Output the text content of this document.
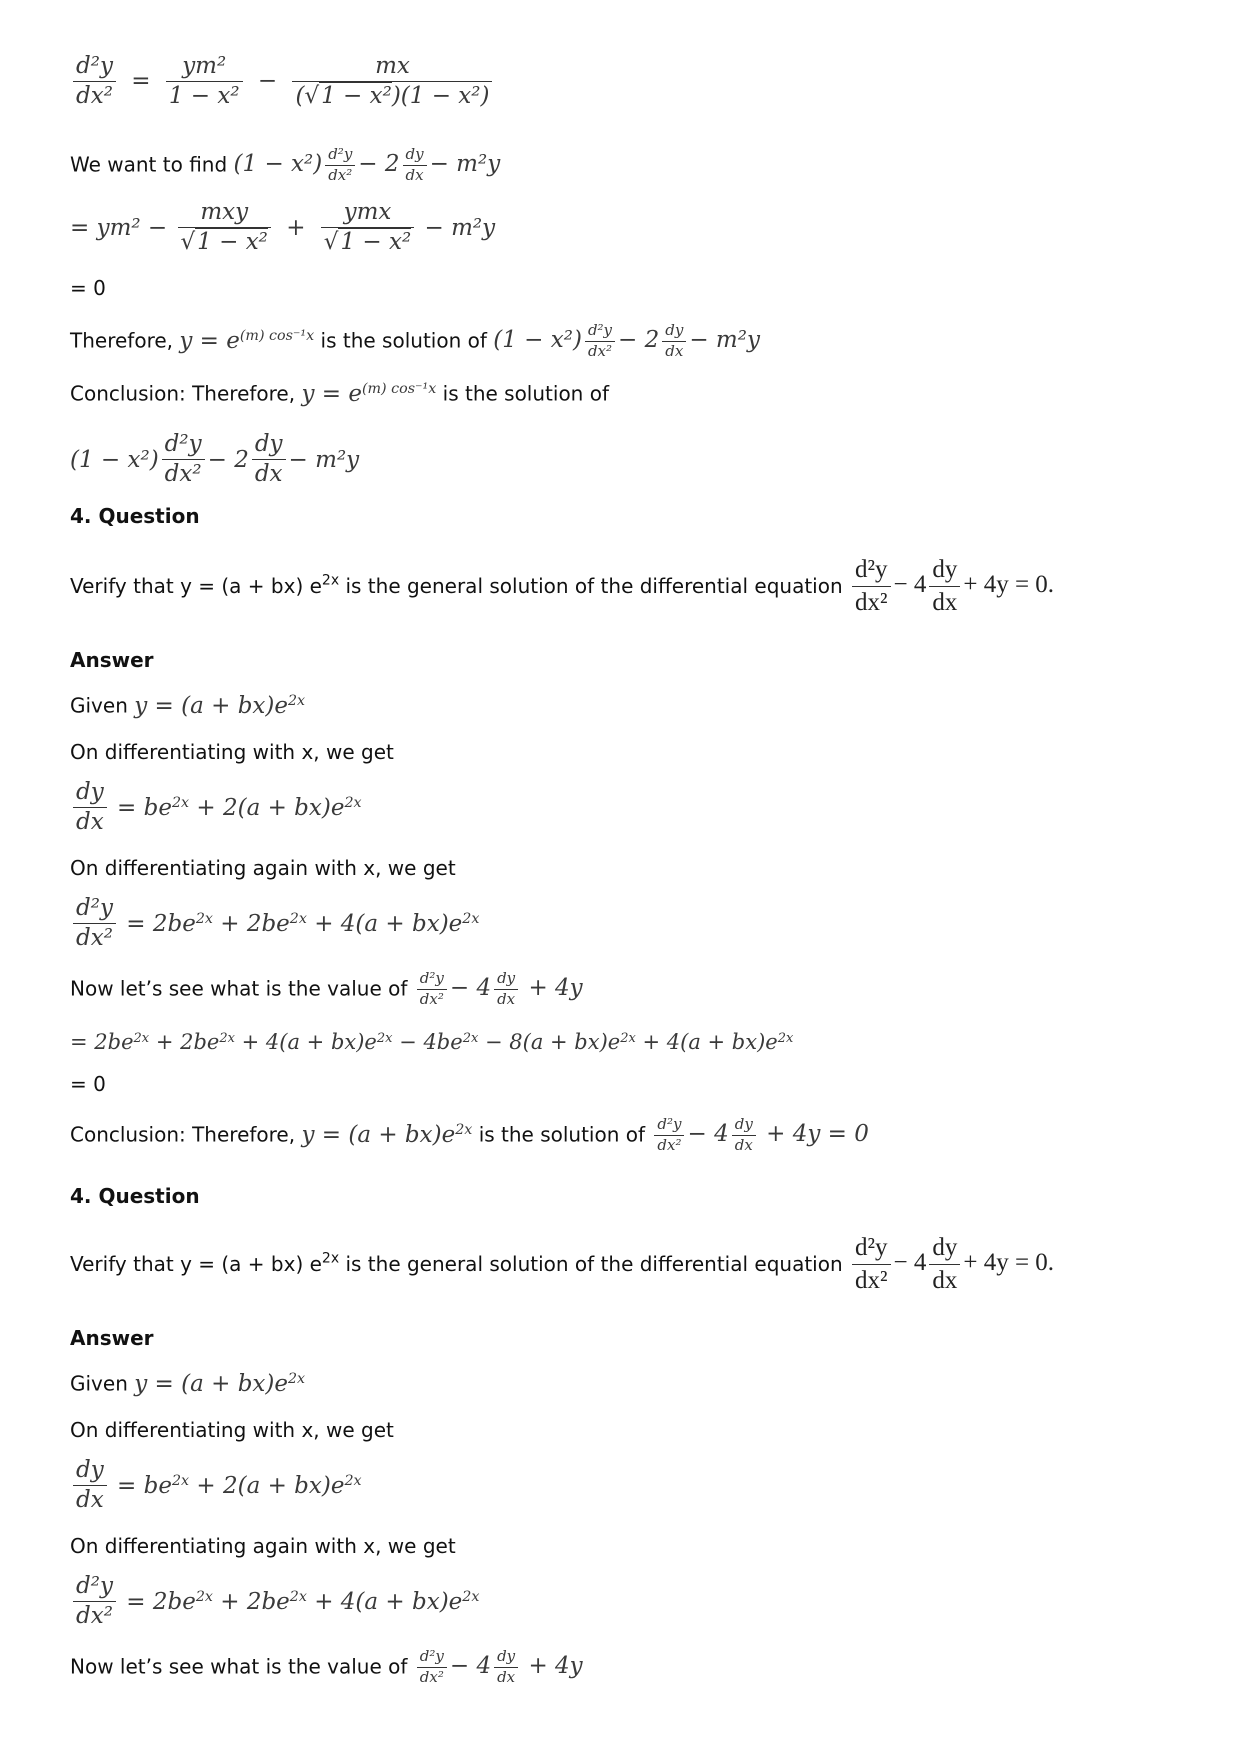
$\frac{\text{d²y}}{\text{dx²}} = \frac{\text{ym²}}{\text{1 − x²}} - \frac{mx}{\text{(√1 − x²)(1 − x²)}}$
We want to find $(1 - x^2) \frac{\text{d²y}}{\text{dx²}} - 2 \frac{dy}{dx} - m^2y$
= $ym^2 - \frac{\text{mxy}}{\text{√1 − x²}} + \frac{\text{ymx}}{\text{√1 − x²}} - m^2y$
= 0
Therefore, $y = e^{(m) cos^{-1}x}$ is the solution of $(1 - x^2) \frac{\text{d²y}}{\text{dx²}} - 2 \frac{dy}{dx} - m^2y$
Conclusion: Therefore, $y = e^{(m) cos^{-1}x}$ is the solution of
$(1 - x^2) \frac{\text{d²y}}{\text{dx²}} - 2 \frac{dy}{dx} - m^2y$
4. Question
Verify that y = (a + bx) $e^{2x}$ is the general solution of the differential equation $\frac{\text{d²y}}{\text{dx²}} - 4 \frac{dy}{dx} + 4y = 0$.
Answer
Given $y = (a + bx)e^{2x}$
On differentiating with x, we get
$\frac{dy}{dx} = be^{2x} + 2(a + bx)e^{2x}$
On differentiating again with x, we get
$\frac{\text{d²y}}{\text{dx²}} = 2be^{2x} + 2be^{2x} + 4(a + bx)e^{2x}$
Now let’s see what is the value of $\frac{\text{d²y}}{\text{dx²}} - 4 \frac{dy}{dx} + 4y$
= $2be^{2x} + 2be^{2x} + 4(a + bx)e^{2x} - 4be^{2x} - 8(a + bx)e^{2x} + 4(a + bx)e^{2x}$
= 0
Conclusion: Therefore, $y = (a + bx)e^{2x}$ is the solution of $\frac{\text{d²y}}{\text{dx²}} - 4 \frac{dy}{dx} + 4y = 0$
4. Question
Verify that y = (a + bx) $e^{2x}$ is the general solution of the differential equation $\frac{\text{d²y}}{\text{dx²}} - 4 \frac{dy}{dx} + 4y = 0$.
Answer
Given $y = (a + bx)e^{2x}$
On differentiating with x, we get
$\frac{dy}{dx} = be^{2x} + 2(a + bx)e^{2x}$
On differentiating again with x, we get
$\frac{\text{d²y}}{\text{dx²}} = 2be^{2x} + 2be^{2x} + 4(a + bx)e^{2x}$
Now let’s see what is the value of $\frac{\text{d²y}}{\text{dx²}} - 4 \frac{dy}{dx} + 4y$
